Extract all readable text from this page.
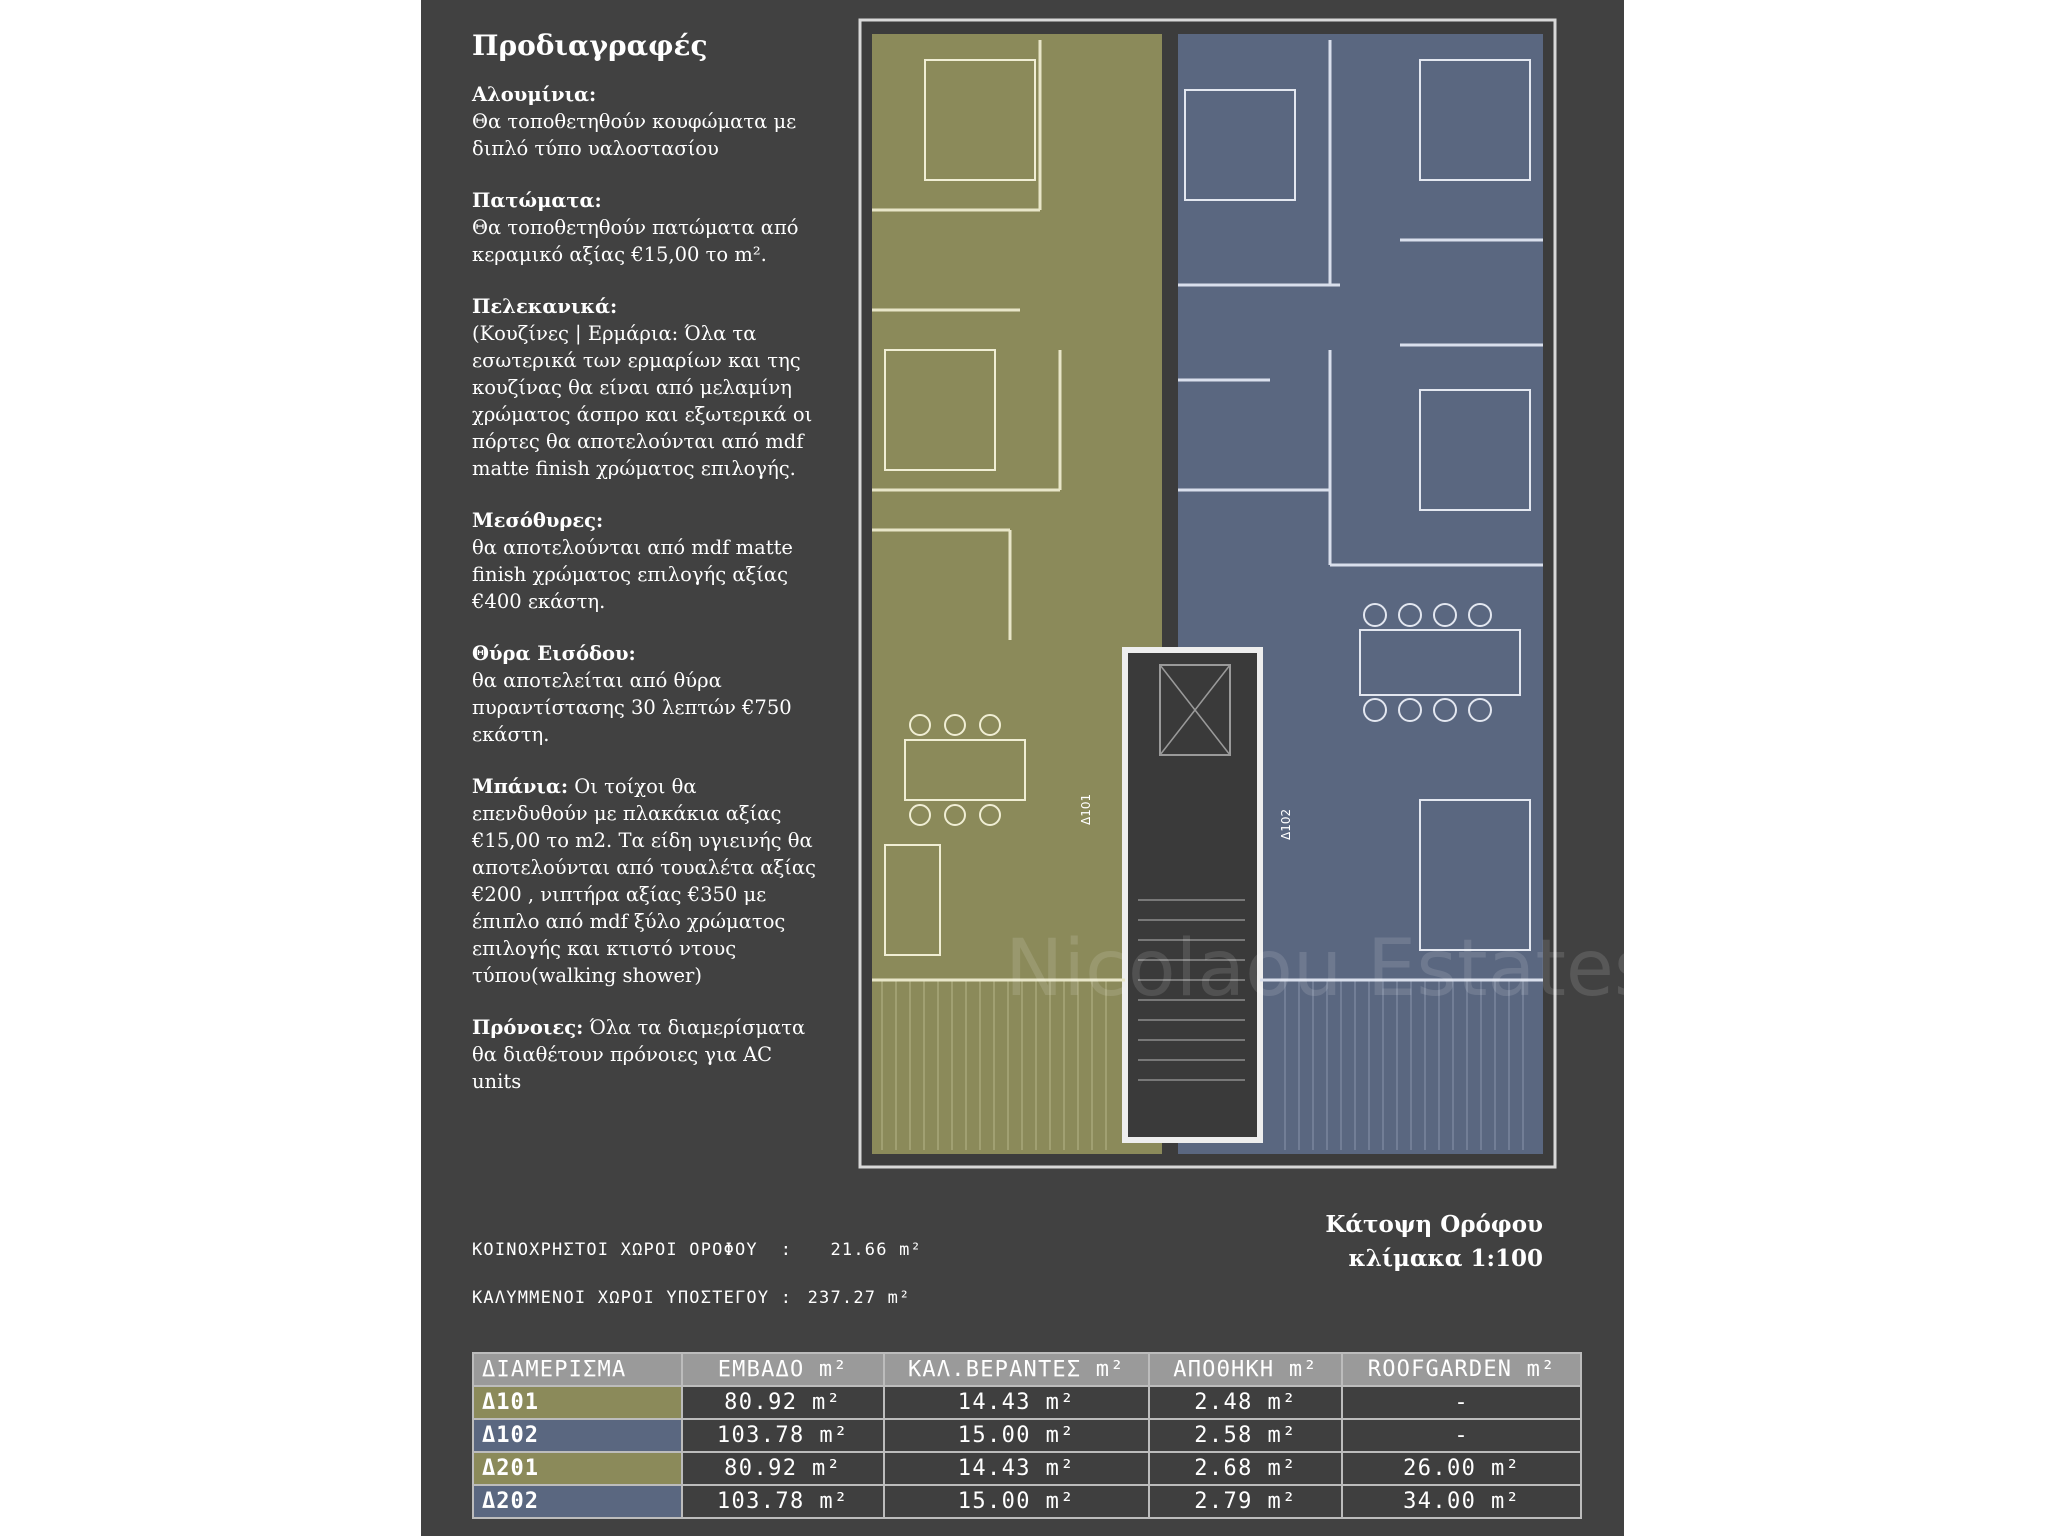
Προδιαγραφές

Αλουμίνια:
Θα τοποθετηθούν κουφώματα με διπλό τύπο υαλοστασίου

Πατώματα:
Θα τοποθετηθούν πατώματα από κεραμικό αξίας €15,00 το m².

Πελεκανικά:
(Κουζίνες | Ερμάρια: Όλα τα εσωτερικά των ερμαρίων και της κουζίνας θα είναι από μελαμίνη χρώματος άσπρο και εξωτερικά οι πόρτες θα αποτελούνται από mdf matte finish χρώματος επιλογής.

Μεσόθυρες:
θα αποτελούνται από mdf matte finish χρώματος επιλογής αξίας €400 εκάστη.

Θύρα Εισόδου:
θα αποτελείται από θύρα πυραντίστασης 30 λεπτών €750 εκάστη.

Μπάνια: Οι τοίχοι θα επενδυθούν με πλακάκια αξίας €15,00 το m2. Τα είδη υγιεινής θα αποτελούνται από τουαλέτα αξίας €200 , νιπτήρα αξίας €350 με έπιπλο από mdf ξύλο χρώματος επιλογής και κτιστό ντους τύπου(walking shower)

Πρόνοιες: Όλα τα διαμερίσματα θα διαθέτουν πρόνοιες για AC units

Δ101	Δ102
Nicolaou Estates
Κάτοψη Ορόφου
κλίμακα 1:100
ΚΟΙΝΟΧΡΗΣΤΟΙ ΧΩΡΟΙ ΟΡΟΦΟΥ  :   21.66 m²
ΚΑΛΥΜΜΕΝΟΙ ΧΩΡΟΙ ΥΠΟΣΤΕΓΟΥ : 237.27 m²
ΔΙΑΜΕΡΙΣΜΑ	ΕΜΒΑΔΟ m²	ΚΑΛ.ΒΕΡΑΝΤΕΣ m²	ΑΠΟΘΗΚΗ m²	ROOFGARDEN m²
Δ101	80.92 m²	14.43 m²	2.48 m²	-
Δ102	103.78 m²	15.00 m²	2.58 m²	-
Δ201	80.92 m²	14.43 m²	2.68 m²	26.00 m²
Δ202	103.78 m²	15.00 m²	2.79 m²	34.00 m²
